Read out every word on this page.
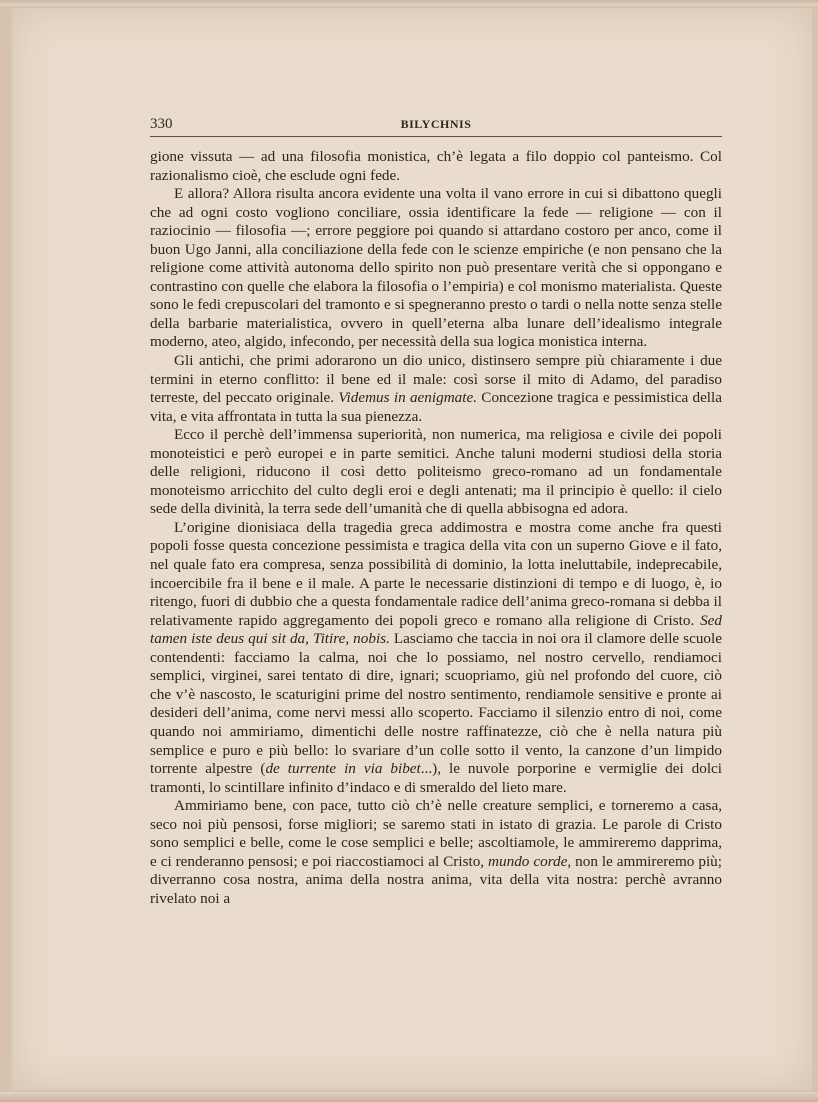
330	BILYCHNIS

gione vissuta — ad una filosofia monistica, ch’è legata a filo doppio col panteismo. Col razionalismo cioè, che esclude ogni fede.

E allora? Allora risulta ancora evidente una volta il vano errore in cui si dibattono quegli che ad ogni costo vogliono conciliare, ossia identificare la fede — religione — con il raziocinio — filosofia —; errore peggiore poi quando si attardano costoro per anco, come il buon Ugo Janni, alla conciliazione della fede con le scienze empiriche (e non pensano che la religione come attività autonoma dello spirito non può presentare verità che si oppongano e contrastino con quelle che elabora la filosofia o l’empiria) e col monismo materialista. Queste sono le fedi crepuscolari del tramonto e si spegneranno presto o tardi o nella notte senza stelle della barbarie materialistica, ovvero in quell’eterna alba lunare dell’idealismo integrale moderno, ateo, algido, infecondo, per necessità della sua logica monistica interna.

Gli antichi, che primi adorarono un dio unico, distinsero sempre più chiaramente i due termini in eterno conflitto: il bene ed il male: così sorse il mito di Adamo, del paradiso terreste, del peccato originale. Videmus in aenigmate. Concezione tragica e pessimistica della vita, e vita affrontata in tutta la sua pienezza.

Ecco il perchè dell’immensa superiorità, non numerica, ma religiosa e civile dei popoli monoteistici e però europei e in parte semitici. Anche taluni moderni studiosi della storia delle religioni, riducono il così detto politeismo greco-romano ad un fondamentale monoteismo arricchito del culto degli eroi e degli antenati; ma il principio è quello: il cielo sede della divinità, la terra sede dell’umanità che di quella abbisogna ed adora.

L’origine dionisiaca della tragedia greca addimostra e mostra come anche fra questi popoli fosse questa concezione pessimista e tragica della vita con un superno Giove e il fato, nel quale fato era compresa, senza possibilità di dominio, la lotta ineluttabile, indeprecabile, incoercibile fra il bene e il male. A parte le necessarie distinzioni di tempo e di luogo, è, io ritengo, fuori di dubbio che a questa fondamentale radice dell’anima greco-romana si debba il relativamente rapido aggregamento dei popoli greco e romano alla religione di Cristo. Sed tamen iste deus qui sit da, Titire, nobis. Lasciamo che taccia in noi ora il clamore delle scuole contendenti: facciamo la calma, noi che lo possiamo, nel nostro cervello, rendiamoci semplici, virginei, sarei tentato di dire, ignari; scuopriamo, giù nel profondo del cuore, ciò che v’è nascosto, le scaturigini prime del nostro sentimento, rendiamole sensitive e pronte ai desideri dell’anima, come nervi messi allo scoperto. Facciamo il silenzio entro di noi, come quando noi ammiriamo, dimentichi delle nostre raffinatezze, ciò che è nella natura più semplice e puro e più bello: lo svariare d’un colle sotto il vento, la canzone d’un limpido torrente alpestre (de turrente in via bibet...), le nuvole porporine e vermiglie dei dolci tramonti, lo scintillare infinito d’indaco e di smeraldo del lieto mare.

Ammiriamo bene, con pace, tutto ciò ch’è nelle creature semplici, e torneremo a casa, seco noi più pensosi, forse migliori; se saremo stati in istato di grazia. Le parole di Cristo sono semplici e belle, come le cose semplici e belle; ascoltiamole, le ammireremo dapprima, e ci renderanno pensosi; e poi riaccostiamoci al Cristo, mundo corde, non le ammireremo più; diverranno cosa nostra, anima della nostra anima, vita della vita nostra: perchè avranno rivelato noi a
